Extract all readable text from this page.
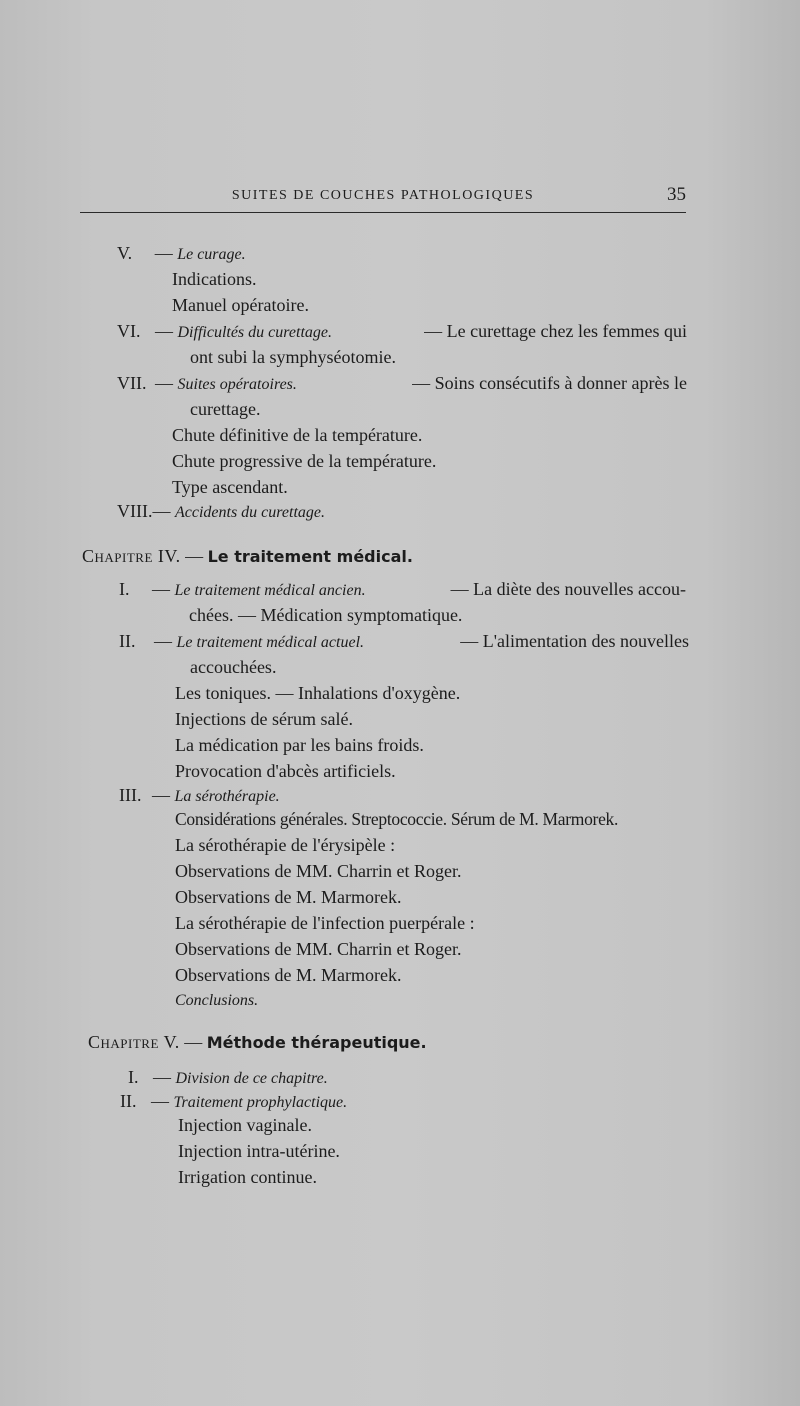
SUITES DE COUCHES PATHOLOGIQUES	35
V. — Le curage.
Indications.
Manuel opératoire.
VI. — Difficultés du curettage.	— Le curettage chez les femmes qui
ont subi la symphyséotomie.
VII. — Suites opératoires.	— Soins consécutifs à donner après le
curettage.
Chute définitive de la température.
Chute progressive de la température.
Type ascendant.
VIII.— Accidents du curettage.
Chapitre IV. — Le traitement médical.
I. — Le traitement médical ancien.	— La diète des nouvelles accou-
chées. — Médication symptomatique.
II. — Le traitement médical actuel.	— L'alimentation des nouvelles
accouchées.
Les toniques. — Inhalations d'oxygène.
Injections de sérum salé.
La médication par les bains froids.
Provocation d'abcès artificiels.
III. — La sérothérapie.
Considérations générales. Streptococcie. Sérum de M. Marmorek.
La sérothérapie de l'érysipèle :
Observations de MM. Charrin et Roger.
Observations de M. Marmorek.
La sérothérapie de l'infection puerpérale :
Observations de MM. Charrin et Roger.
Observations de M. Marmorek.
Conclusions.
Chapitre V. — Méthode thérapeutique.
I. — Division de ce chapitre.
II. — Traitement prophylactique.
Injection vaginale.
Injection intra-utérine.
Irrigation continue.
